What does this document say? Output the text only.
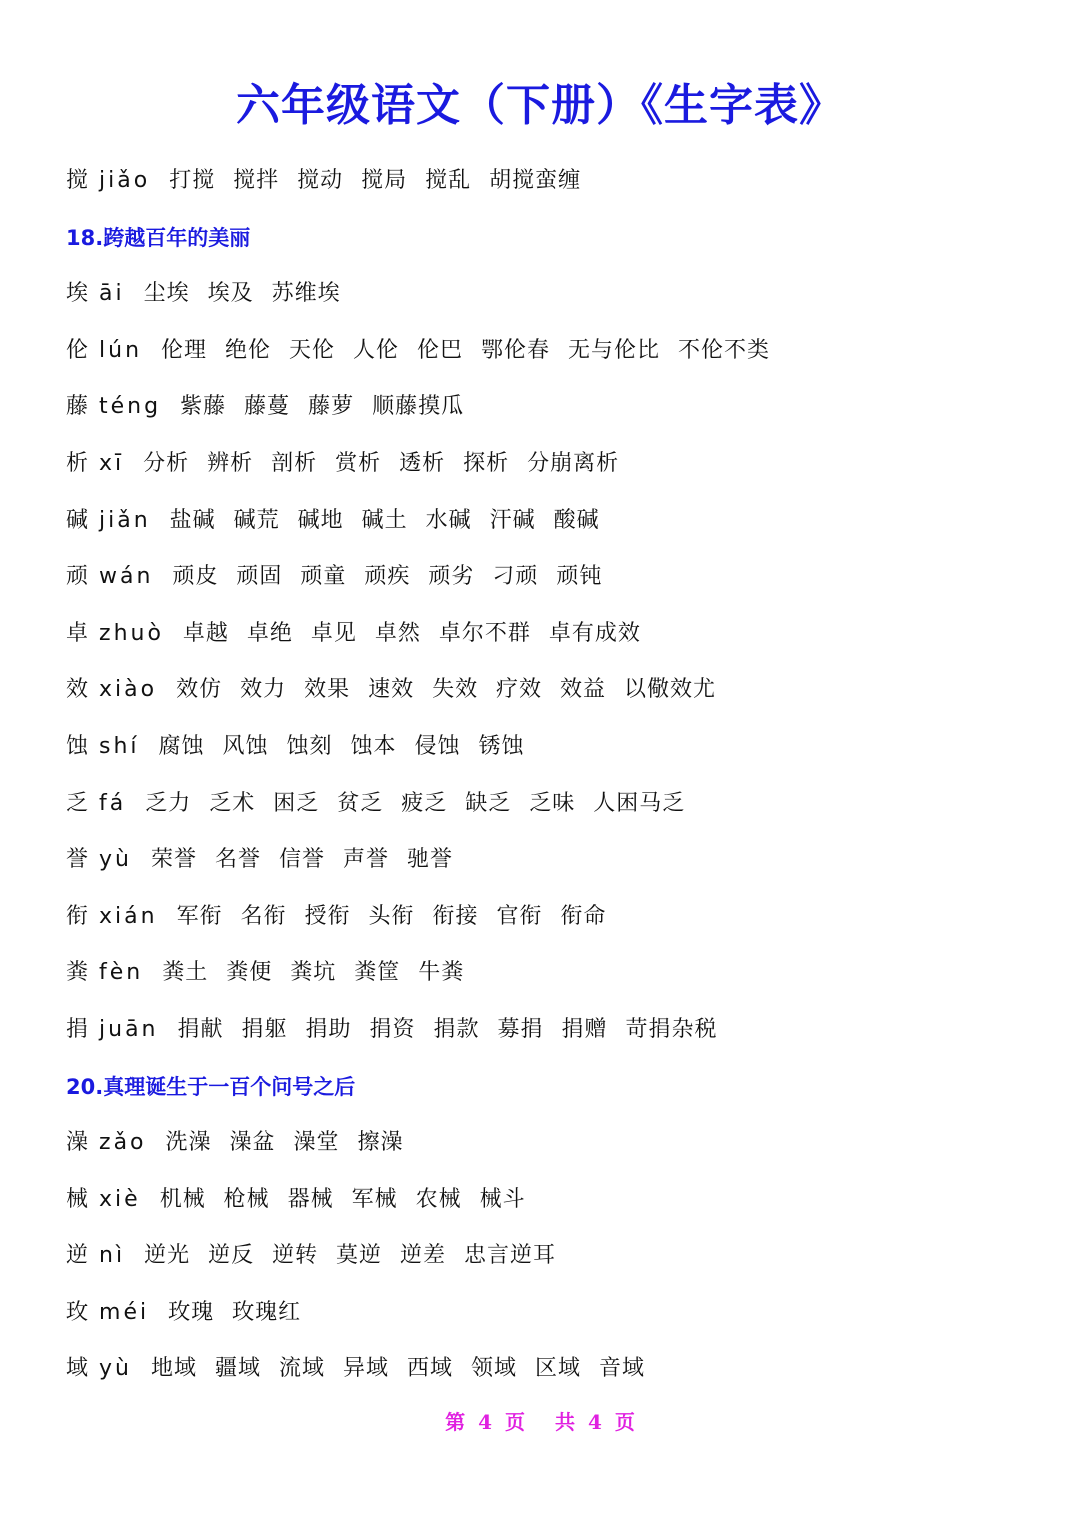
六年级语文（下册）《生字表》
搅 jiǎo 打搅 搅拌 搅动 搅局 搅乱 胡搅蛮缠
18.跨越百年的美丽
埃 āi 尘埃 埃及 苏维埃
伦 lún 伦理 绝伦 天伦 人伦 伦巴 鄂伦春 无与伦比 不伦不类
藤 téng 紫藤 藤蔓 藤萝 顺藤摸瓜
析 xī 分析 辨析 剖析 赏析 透析 探析 分崩离析
碱 jiǎn 盐碱 碱荒 碱地 碱土 水碱 汗碱 酸碱
顽 wán 顽皮 顽固 顽童 顽疾 顽劣 刁顽 顽钝
卓 zhuò 卓越 卓绝 卓见 卓然 卓尔不群 卓有成效
效 xiào 效仿 效力 效果 速效 失效 疗效 效益 以儆效尤
蚀 shí 腐蚀 风蚀 蚀刻 蚀本 侵蚀 锈蚀
乏 fá 乏力 乏术 困乏 贫乏 疲乏 缺乏 乏味 人困马乏
誉 yù 荣誉 名誉 信誉 声誉 驰誉
衔 xián 军衔 名衔 授衔 头衔 衔接 官衔 衔命
粪 fèn 粪土 粪便 粪坑 粪筐 牛粪
捐 juān 捐献 捐躯 捐助 捐资 捐款 募捐 捐赠 苛捐杂税
20.真理诞生于一百个问号之后
澡 zǎo 洗澡 澡盆 澡堂 擦澡
械 xiè 机械 枪械 器械 军械 农械 械斗
逆 nì 逆光 逆反 逆转 莫逆 逆差 忠言逆耳
玫 méi 玫瑰 玫瑰红
域 yù 地域 疆域 流域 异域 西域 领域 区域 音域
第 4 页 共 4 页
